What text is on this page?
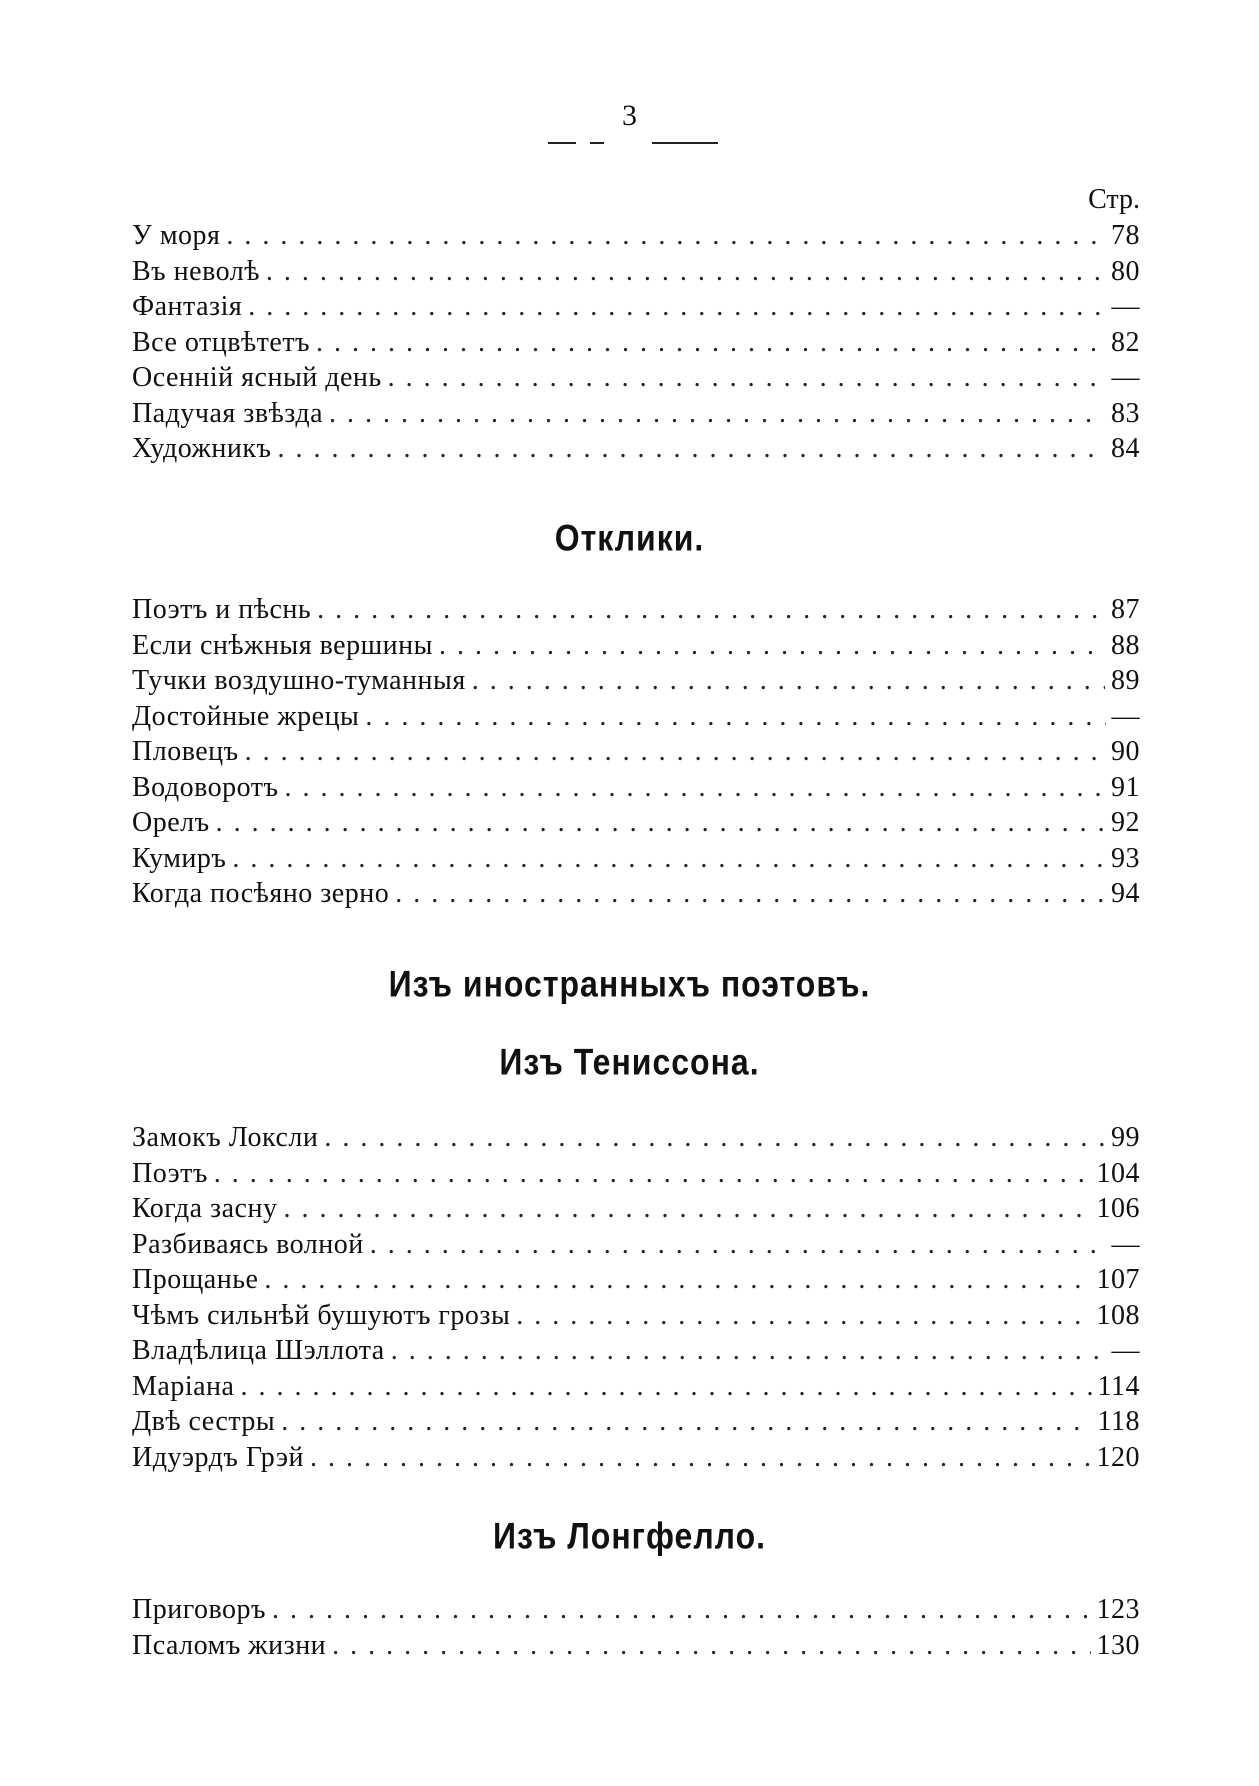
3
Стр.
У моря . . .	78
Въ неволѣ . . .	80
Фантазія . . .	—
Все отцвѣтетъ . . .	82
Осенній ясный день . . .	—
Падучая звѣзда . . .	83
Художникъ . . .	84
Отклики.
Поэтъ и пѣснь . . .	87
Если снѣжныя вершины . . .	88
Тучки воздушно-туманныя . . .	89
Достойные жрецы . . .	—
Пловецъ . . .	90
Водоворотъ . . .	91
Орелъ . . .	92
Кумиръ . . .	93
Когда посѣяно зерно . . .	94
Изъ иностранныхъ поэтовъ.
Изъ Тениссона.
Замокъ Локсли . . .	99
Поэтъ . . .	104
Когда засну . . .	106
Разбиваясь волной . . .	—
Прощанье . . .	107
Чѣмъ сильнѣй бушуютъ грозы . . .	108
Владѣлица Шэллота . . .	—
Маріана . . .	114
Двѣ сестры . . .	118
Идуэрдъ Грэй . . .	120
Изъ Лонгфелло.
Приговоръ . . .	123
Псаломъ жизни . . .	130
